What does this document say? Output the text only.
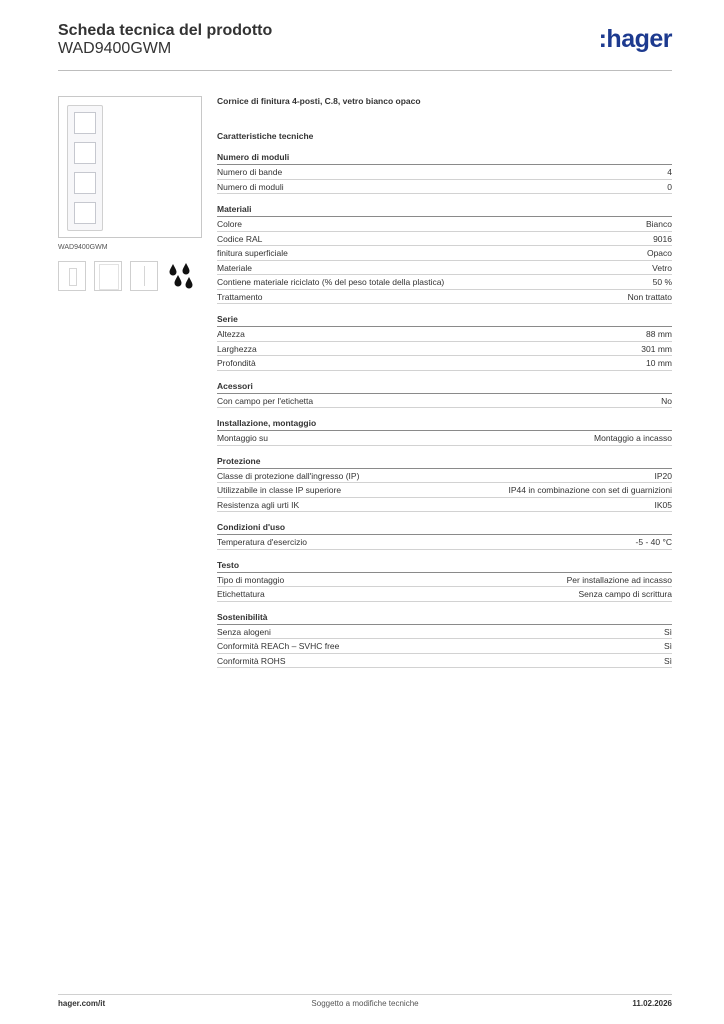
Scheda tecnica del prodotto
WAD9400GWM	:hager
WAD9400GWM
Cornice di finitura 4-posti, C.8, vetro bianco opaco
Caratteristiche tecniche
Numero di moduli
Numero di bande	4
Numero di moduli	0
Materiali
Colore	Bianco
Codice RAL	9016
finitura superficiale	Opaco
Materiale	Vetro
Contiene materiale riciclato (% del peso totale della plastica)	50 %
Trattamento	Non trattato
Serie
Altezza	88 mm
Larghezza	301 mm
Profondità	10 mm
Acessori
Con campo per l'etichetta	No
Installazione, montaggio
Montaggio su	Montaggio a incasso
Protezione
Classe di protezione dall'ingresso (IP)	IP20
Utilizzabile in classe IP superiore	IP44 in combinazione con set di guarnizioni
Resistenza agli urti IK	IK05
Condizioni d'uso
Temperatura d'esercizio	-5 - 40 °C
Testo
Tipo di montaggio	Per installazione ad incasso
Etichettatura	Senza campo di scrittura
Sostenibilità
Senza alogeni	Sì
Conformità REACh – SVHC free	Sì
Conformità ROHS	Sì
hager.com/it	Soggetto a modifiche tecniche	11.02.2026
